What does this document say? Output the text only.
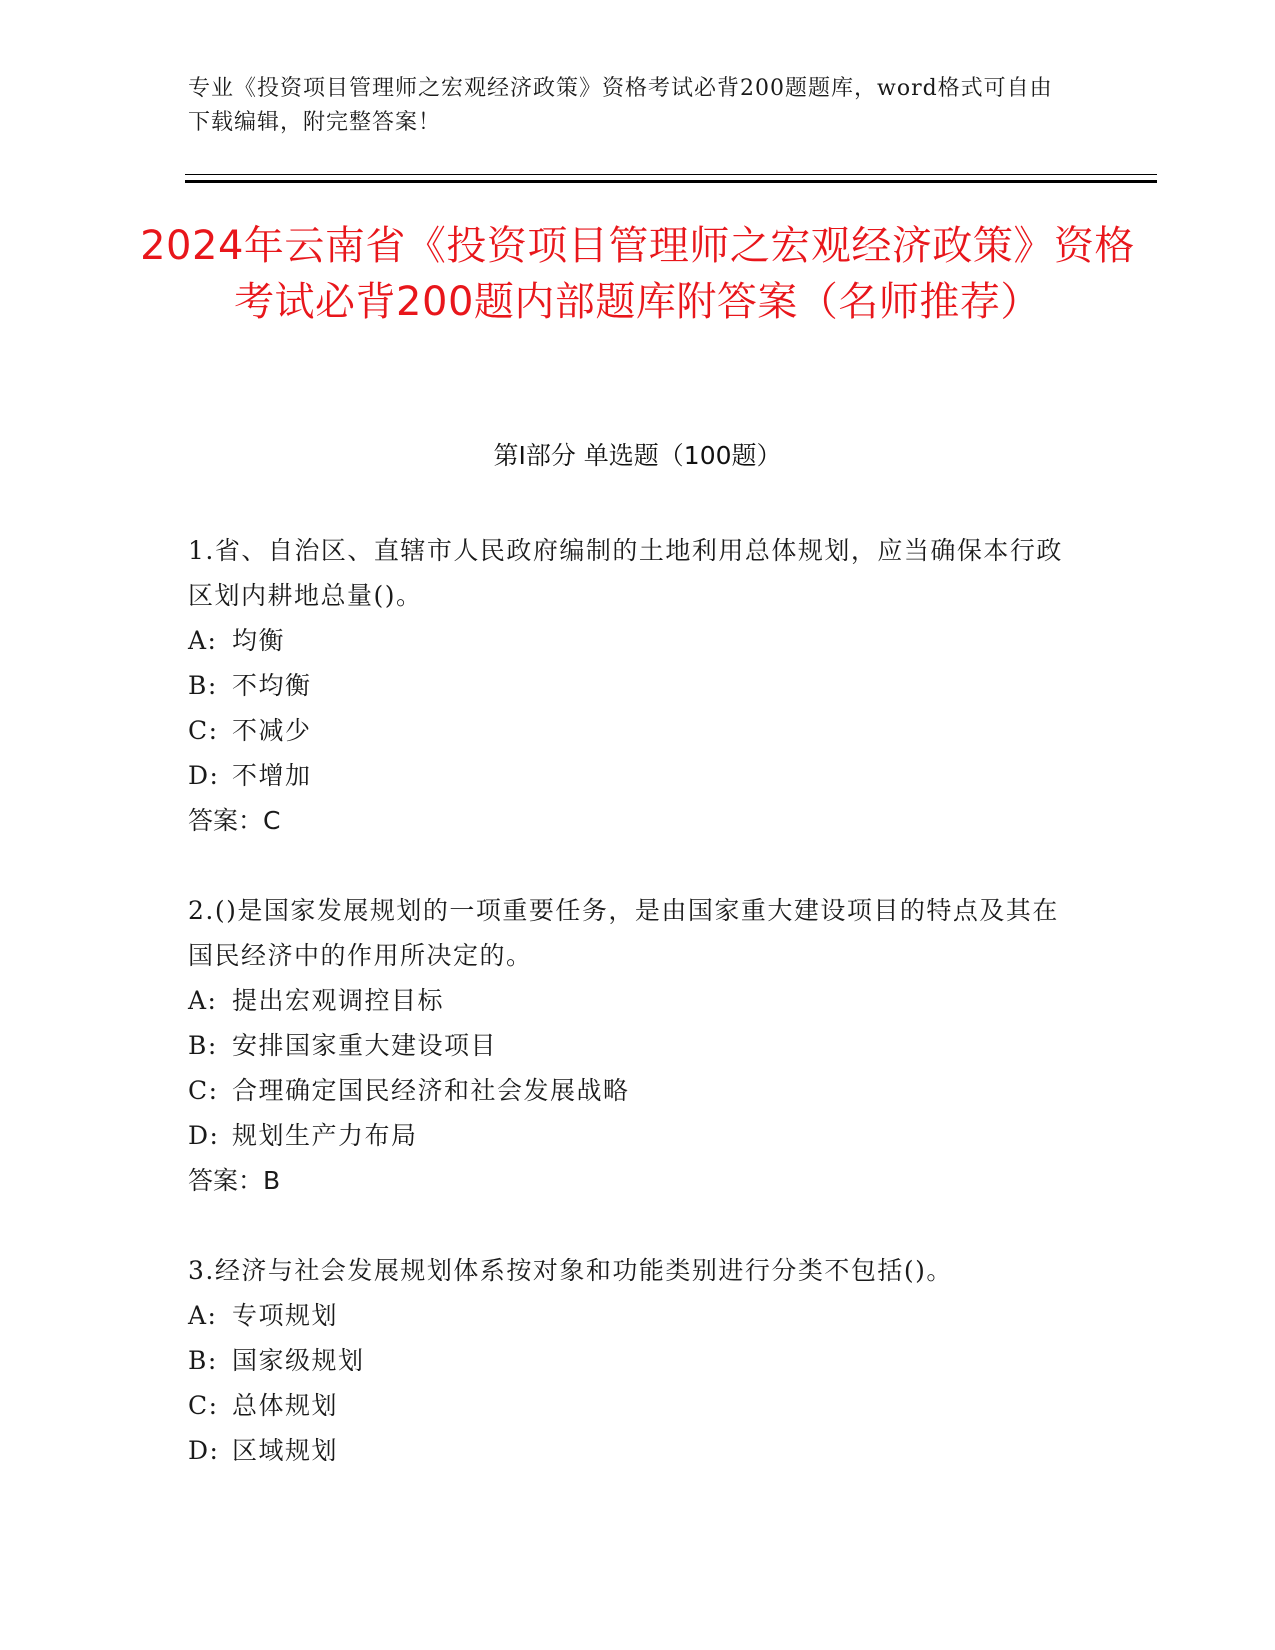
专业《投资项目管理师之宏观经济政策》资格考试必背200题题库，word格式可自由下载编辑，附完整答案！
2024年云南省《投资项目管理师之宏观经济政策》资格考试必背200题内部题库附答案（名师推荐）
第I部分 单选题（100题）

1.省、自治区、直辖市人民政府编制的土地利用总体规划，应当确保本行政区划内耕地总量()。

A: 均衡

B: 不均衡

C: 不减少

D: 不增加

答案：C

2.()是国家发展规划的一项重要任务，是由国家重大建设项目的特点及其在国民经济中的作用所决定的。

A: 提出宏观调控目标

B: 安排国家重大建设项目

C: 合理确定国民经济和社会发展战略

D: 规划生产力布局

答案：B

3.经济与社会发展规划体系按对象和功能类别进行分类不包括()。

A: 专项规划

B: 国家级规划

C: 总体规划

D: 区域规划
